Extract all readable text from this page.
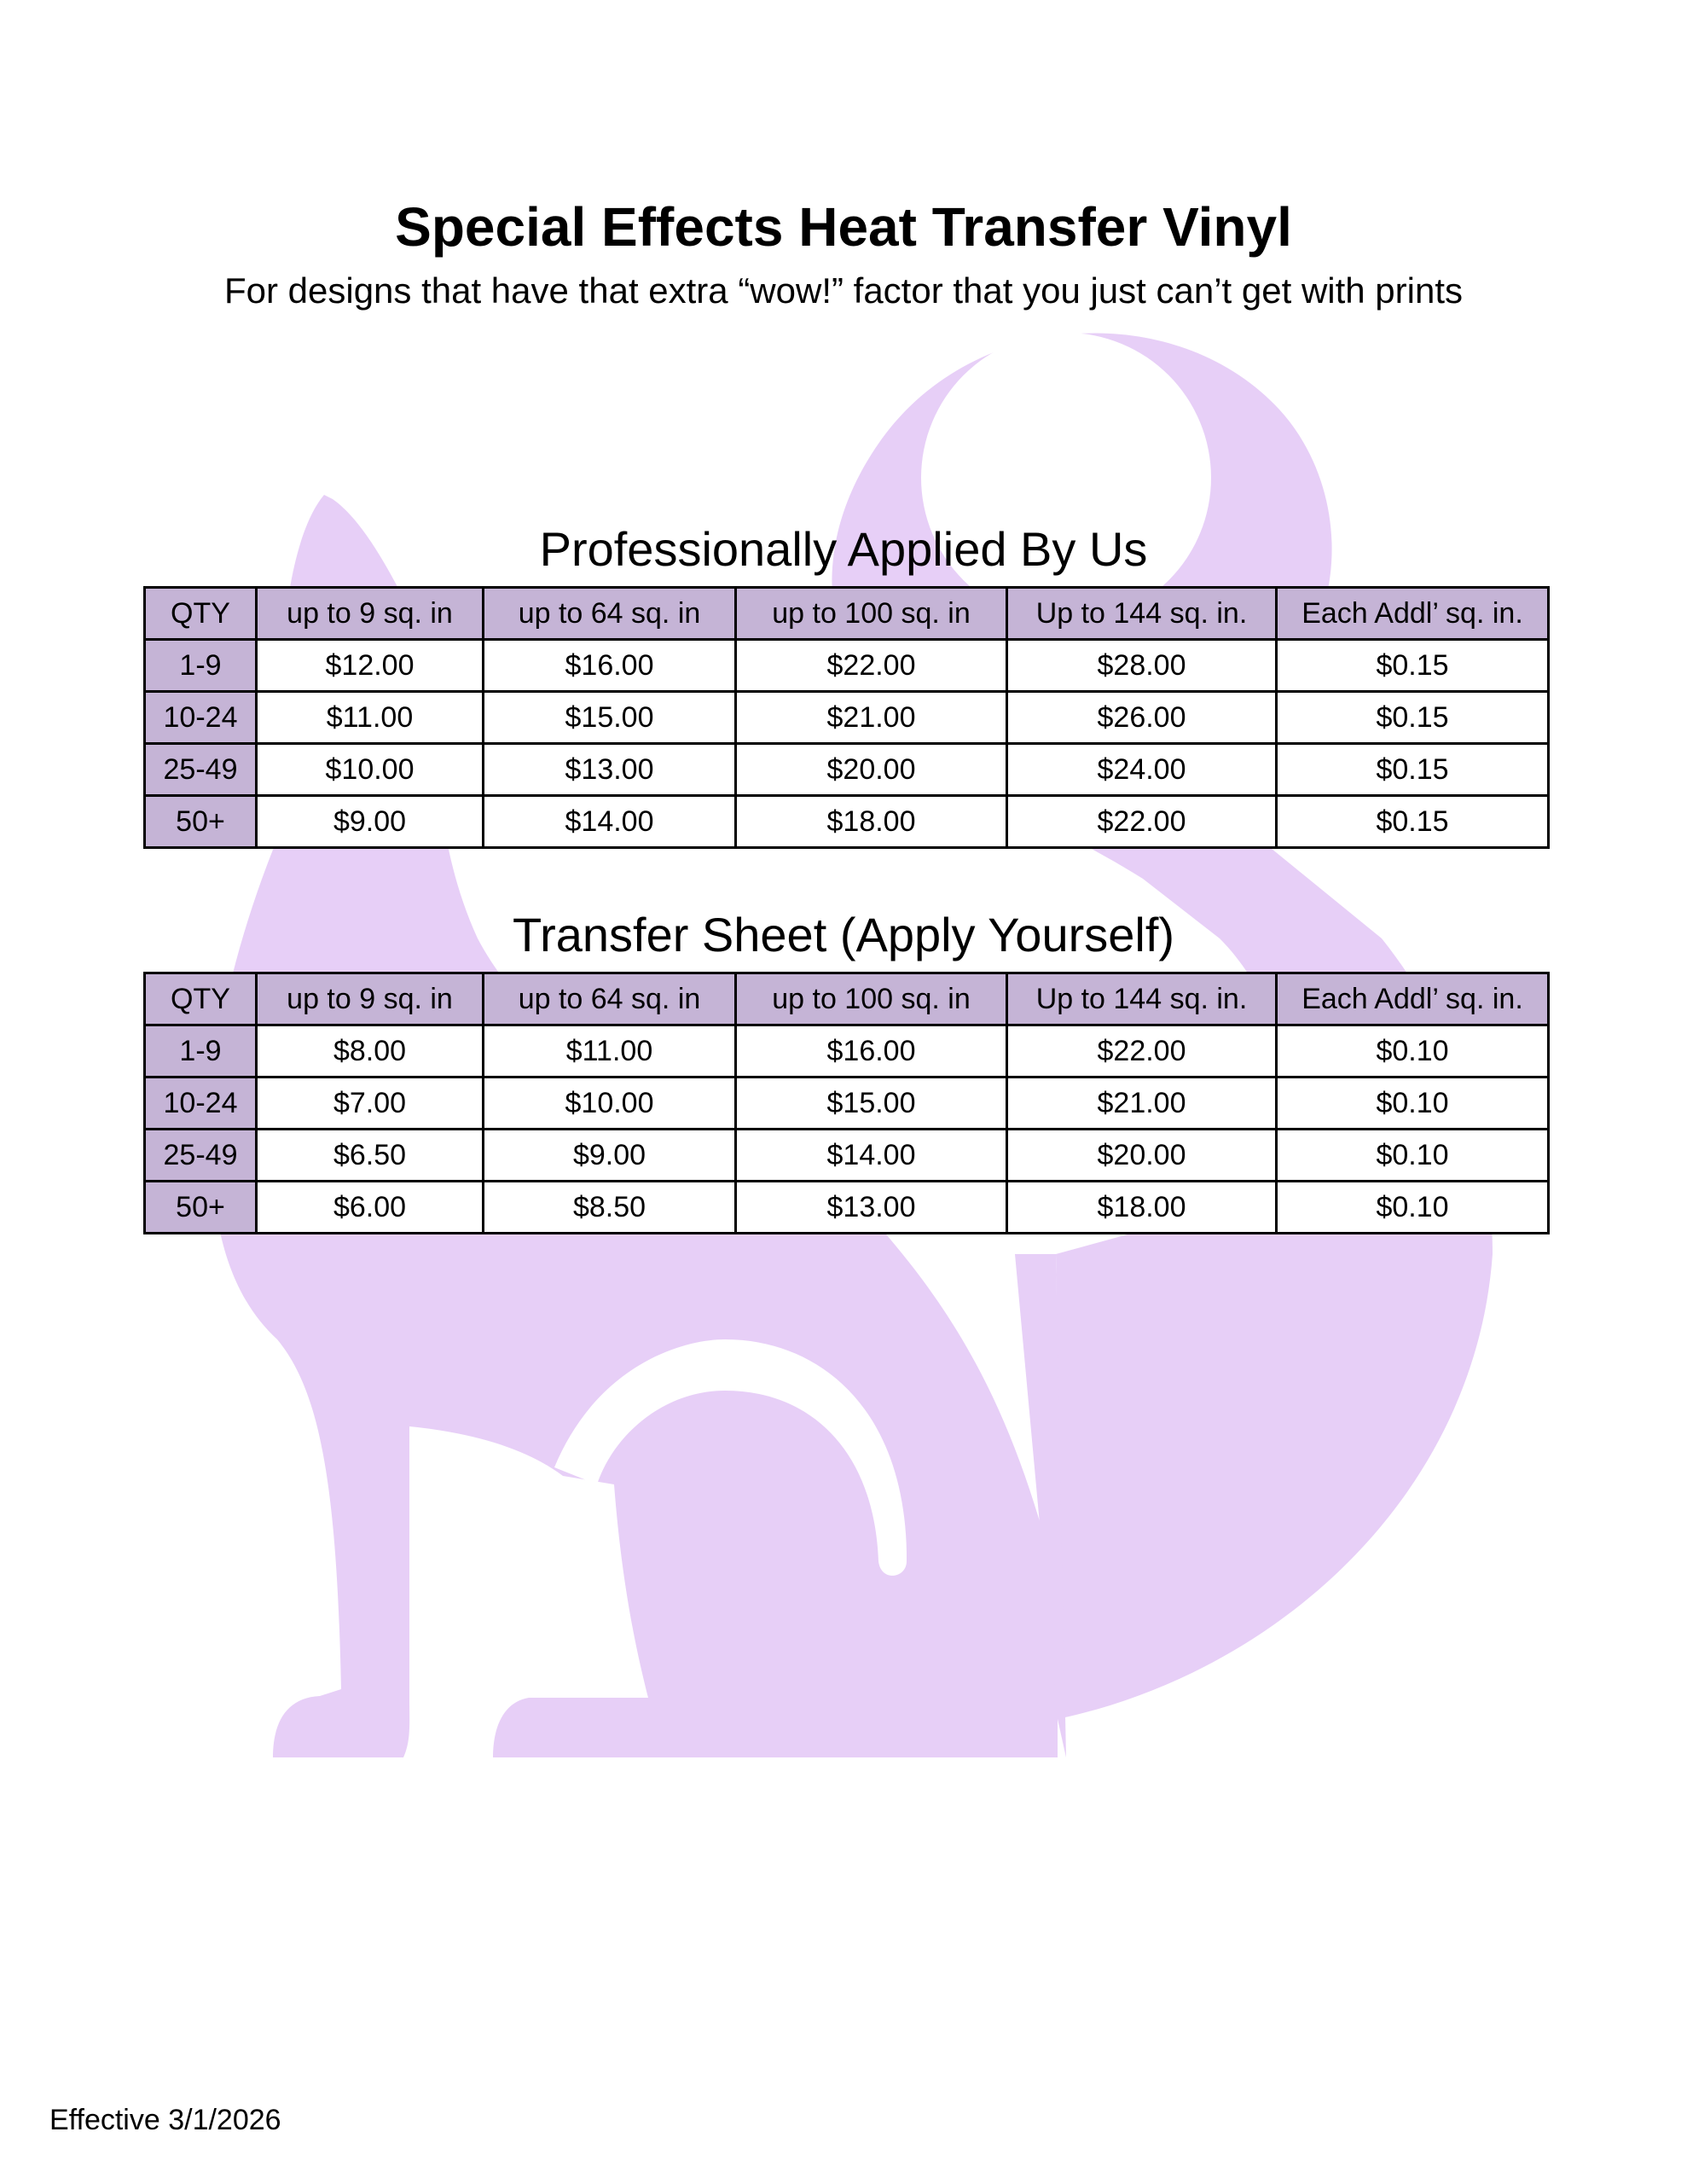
Special Effects Heat Transfer Vinyl
For designs that have that extra “wow!” factor that you just can’t get with prints
Professionally Applied By Us
QTY	up to 9 sq. in	up to 64 sq. in	up to 100 sq. in	Up to 144 sq. in.	Each Addl’ sq. in.
1-9	$12.00	$16.00	$22.00	$28.00	$0.15
10-24	$11.00	$15.00	$21.00	$26.00	$0.15
25-49	$10.00	$13.00	$20.00	$24.00	$0.15
50+	$9.00	$14.00	$18.00	$22.00	$0.15
Transfer Sheet (Apply Yourself)
QTY	up to 9 sq. in	up to 64 sq. in	up to 100 sq. in	Up to 144 sq. in.	Each Addl’ sq. in.
1-9	$8.00	$11.00	$16.00	$22.00	$0.10
10-24	$7.00	$10.00	$15.00	$21.00	$0.10
25-49	$6.50	$9.00	$14.00	$20.00	$0.10
50+	$6.00	$8.50	$13.00	$18.00	$0.10
Effective 3/1/2026
